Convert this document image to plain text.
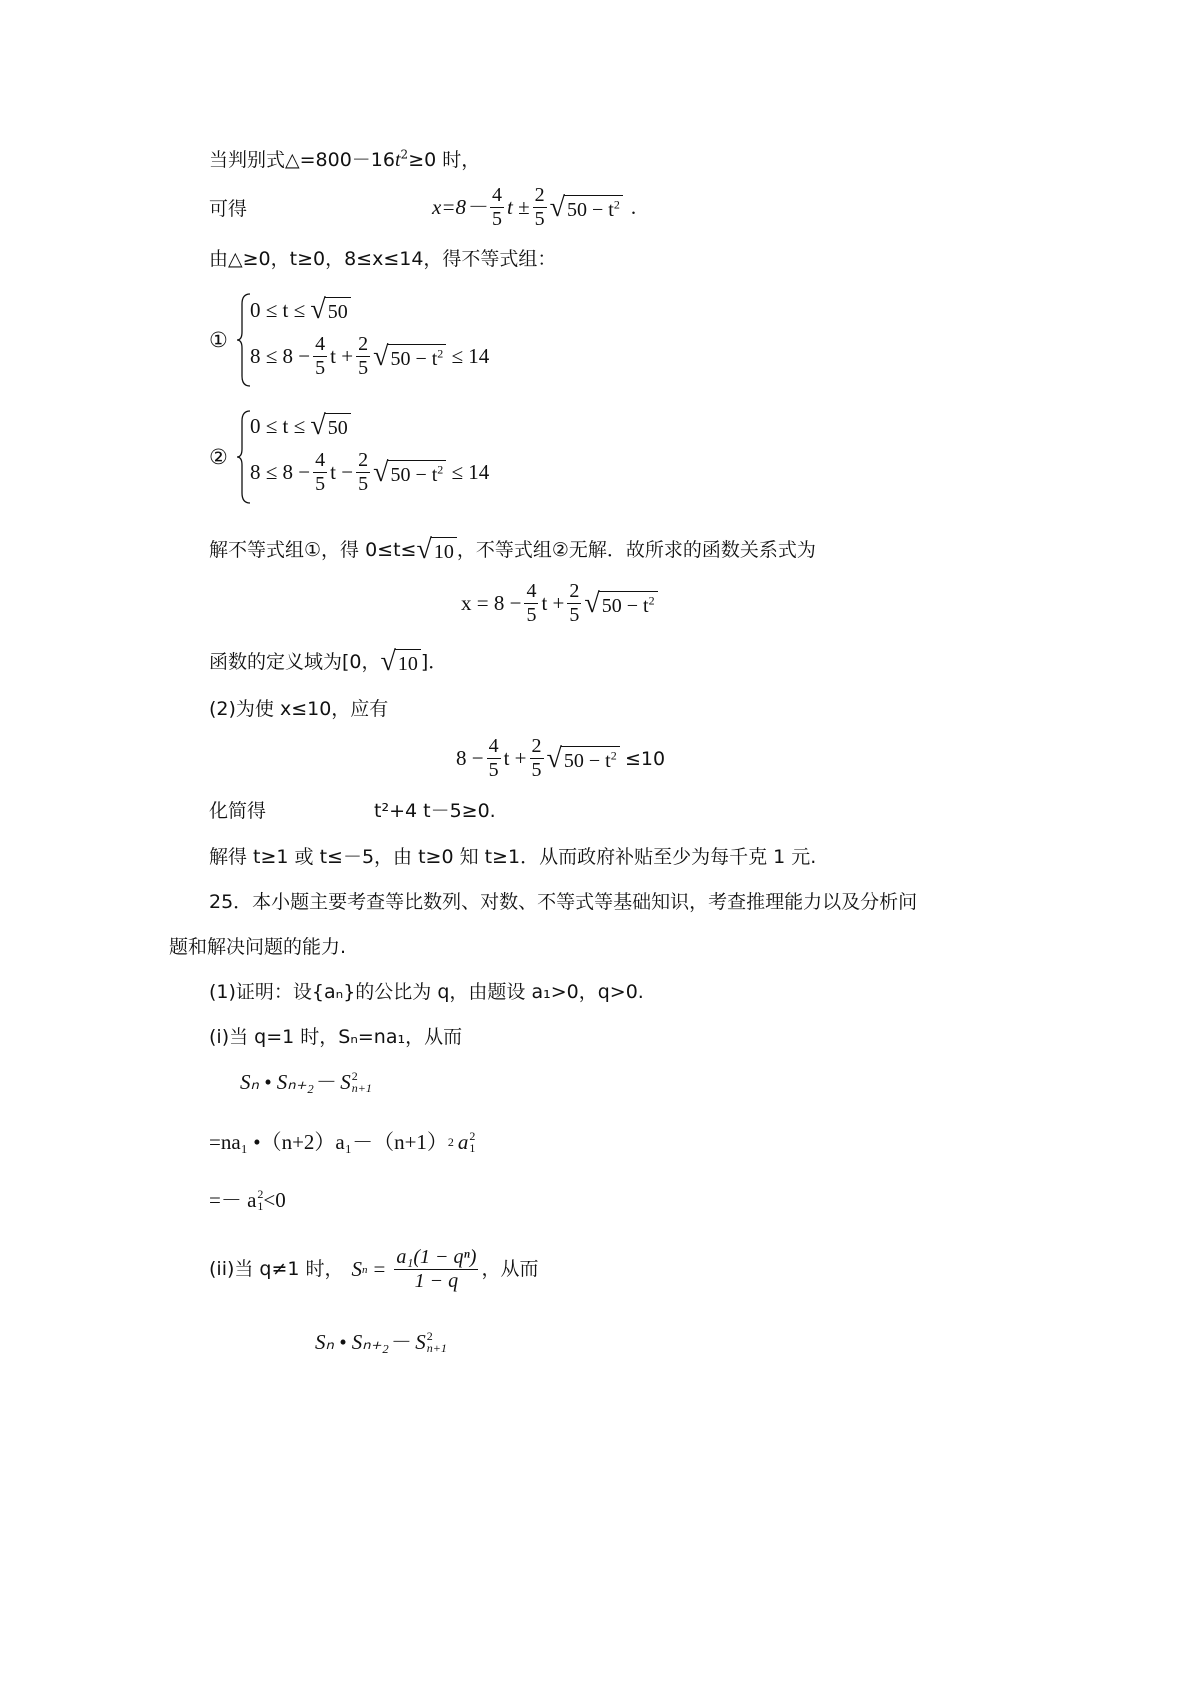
当判别式$\triangle=800-16t^2\ge 0$ 时，
可得	$x=8- \frac{4}{5}$ t
± $\frac{2}{5}$ √ $50 - t^2$ .
由△≥0，t≥0，8≤x≤14，得不等式组：
①
0 ≤ t ≤
√ 50
$8 \le 8 - \frac{4}{5}$ $t + \frac{2}{5}$ √ $50 - t^2$
≤ 14
②
0 ≤ t ≤
√ 50
$8 \le 8 - \frac{4}{5}$ $t - \frac{2}{5}$ √ $50 - t^2$
≤ 14
解不等式组①，得 0≤t≤ √ 10 ，不等式组②无解．故所求的函数关系式为
$x = 8 - \frac{4}{5}$ $t + \frac{2}{5}$ √ $50 - t^2$
函数的定义域为[0， √ 10 ]．
(2)为使 x≤10，应有
$8 - \frac{4}{5}$ $t + \frac{2}{5}$ √ $50 - t^2$
≤10
化简得	t²+4 t－5≥0.
解得 t≥1 或 t≤－5，由 t≥0 知 t≥1．从而政府补贴至少为每千克 1 元.
25．本小题主要考查等比数列、对数、不等式等基础知识，考查推理能力以及分析问
题和解决问题的能力.
(1)证明：设{aₙ}的公比为 q，由题设 a₁>0，q>0.
(i)当 q=1 时，Sₙ=na₁，从而
Sₙ • Sₙ₊₂－ S 2
n+1
=na₁ •（n+2）a₁－（n+1） 2 a 2
1
=－ a 2
1 <0
(ii)当 q≠1 时， S $n = \frac{\text{a₁(1 − qⁿ)}}{1 - q}$ ，从而
Sₙ • Sₙ₊₂－ S 2
n+1
